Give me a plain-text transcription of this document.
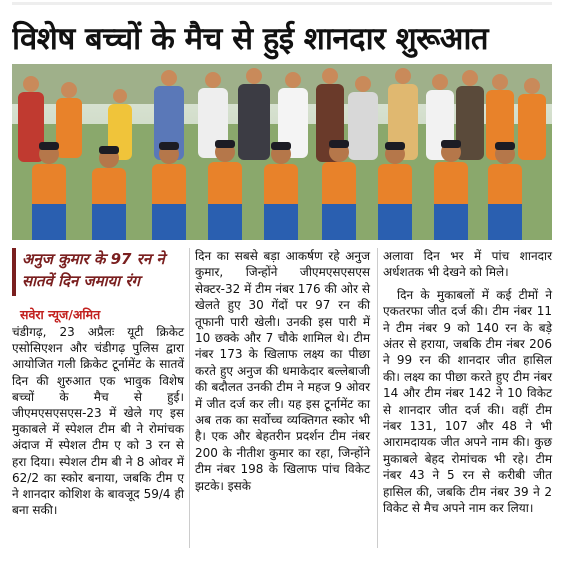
विशेष बच्चों के मैच से हुई शानदार शुरूआत
अनुज कुमार के 97 रन ने सातवें दिन जमाया रंग
सवेरा न्यूज/अमित
चंडीगढ़, 23 अप्रैलः यूटी क्रिकेट एसोसिएशन और चंडीगढ़ पुलिस द्वारा आयोजित गली क्रिकेट टूर्नामेंट के सातवें दिन की शुरुआत एक भावुक विशेष बच्चों के मैच से हुई। जीएमएसएसएस-23 में खेले गए इस मुकाबले में स्पेशल टीम बी ने रोमांचक अंदाज में स्पेशल टीम ए को 3 रन से हरा दिया। स्पेशल टीम बी ने 8 ओवर में 62/2 का स्कोर बनाया, जबकि टीम ए ने शानदार कोशिश के बावजूद 59/4 ही बना सकी।
दिन का सबसे बड़ा आकर्षण रहे अनुज कुमार, जिन्होंने जीएमएसएसएस सेक्टर-32 में टीम नंबर 176 की ओर से खेलते हुए 30 गेंदों पर 97 रन की तूफानी पारी खेली। उनकी इस पारी में 10 छक्के और 7 चौके शामिल थे। टीम नंबर 173 के खिलाफ लक्ष्य का पीछा करते हुए अनुज की धमाकेदार बल्लेबाजी की बदौलत उनकी टीम ने महज 9 ओवर में जीत दर्ज कर ली। यह इस टूर्नामेंट का अब तक का सर्वोच्च व्यक्तिगत स्कोर भी है। एक और बेहतरीन प्रदर्शन टीम नंबर 200 के नीतीश कुमार का रहा, जिन्होंने टीम नंबर 198 के खिलाफ पांच विकेट झटके। इसके
अलावा दिन भर में पांच शानदार अर्धशतक भी देखने को मिले।
दिन के मुकाबलों में कई टीमों ने एकतरफा जीत दर्ज की। टीम नंबर 11 ने टीम नंबर 9 को 140 रन के बड़े अंतर से हराया, जबकि टीम नंबर 206 ने 99 रन की शानदार जीत हासिल की। लक्ष्य का पीछा करते हुए टीम नंबर 14 और टीम नंबर 142 ने 10 विकेट से शानदार जीत दर्ज की। वहीं टीम नंबर 131, 107 और 48 ने भी आरामदायक जीत अपने नाम की। कुछ मुकाबले बेहद रोमांचक भी रहे। टीम नंबर 43 ने 5 रन से करीबी जीत हासिल की, जबकि टीम नंबर 39 ने 2 विकेट से मैच अपने नाम कर लिया।
